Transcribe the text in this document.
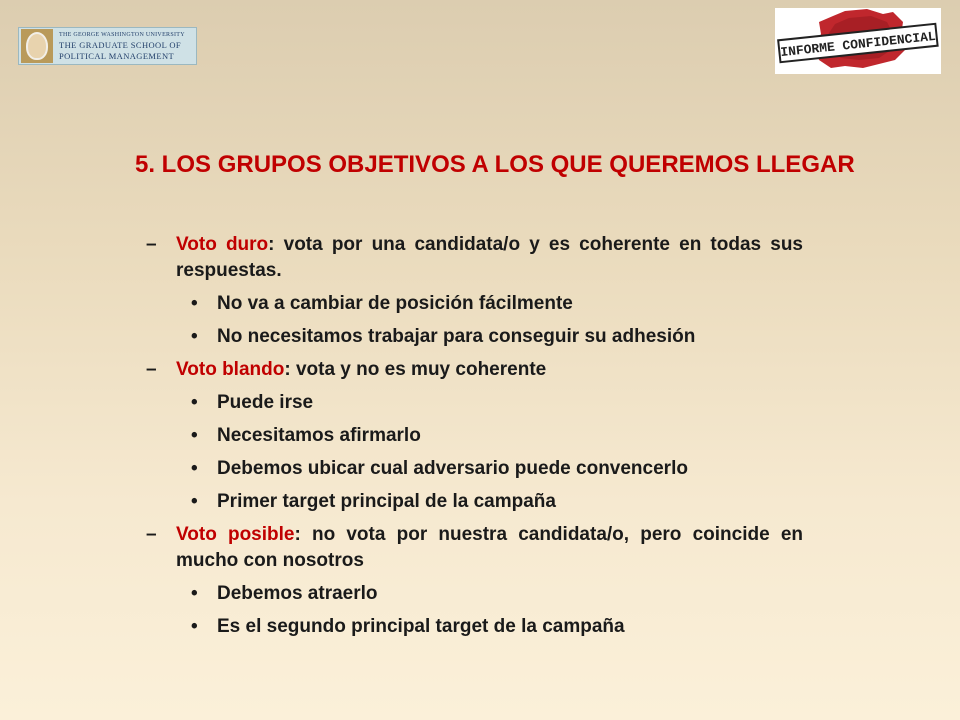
THE GEORGE WASHINGTON UNIVERSITY
THE GRADUATE SCHOOL OF
POLITICAL MANAGEMENT	INFORME CONFIDENCIAL
5. LOS GRUPOS OBJETIVOS A LOS QUE QUEREMOS LLEGAR
–	Voto duro: vota por una candidata/o y es coherente en todas sus respuestas.
•	No va a cambiar de posición fácilmente
•	No necesitamos trabajar para conseguir su adhesión
–	Voto blando: vota y no es muy coherente
•	Puede irse
•	Necesitamos afirmarlo
•	Debemos ubicar cual adversario puede convencerlo
•	Primer target principal de la campaña
–	Voto posible: no vota por nuestra candidata/o, pero coincide en mucho con nosotros
•	Debemos atraerlo
•	Es el segundo principal target de la campaña
